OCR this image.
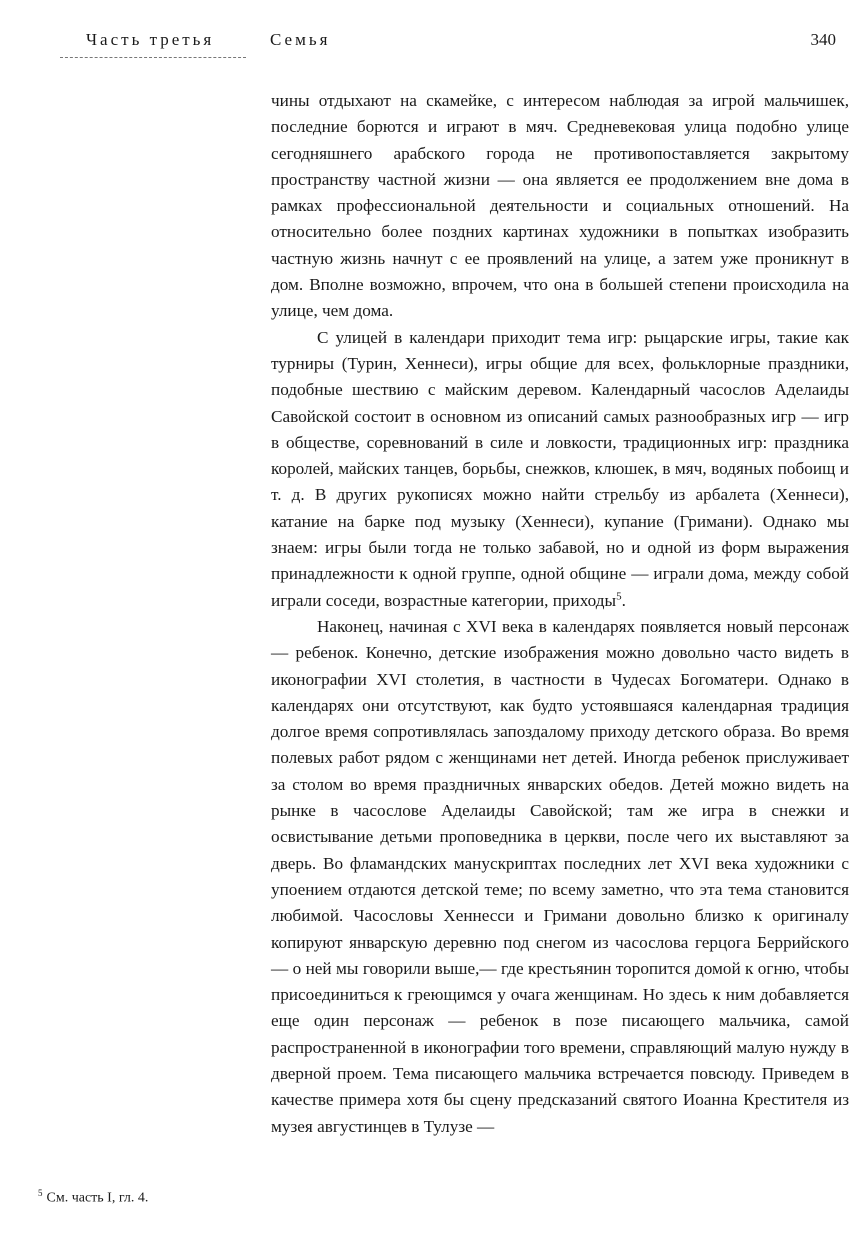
Часть третья	Семья	340

чины отдыхают на скамейке, с интересом наблюдая за игрой мальчишек, последние борются и играют в мяч. Средневековая улица подобно улице сегодняшнего арабского города не противопоставляется закрытому пространству частной жизни — она является ее продолжением вне дома в рамках профессиональной деятельности и социальных отношений. На относительно более поздних картинах художники в попытках изобразить частную жизнь начнут с ее проявлений на улице, а затем уже проникнут в дом. Вполне возможно, впрочем, что она в большей степени происходила на улице, чем дома.

С улицей в календари приходит тема игр: рыцарские игры, такие как турниры (Турин, Хеннеси), игры общие для всех, фольклорные праздники, подобные шествию с майским деревом. Календарный часослов Аделаиды Савойской состоит в основном из описаний самых разнообразных игр — игр в обществе, соревнований в силе и ловкости, традиционных игр: праздника королей, майских танцев, борьбы, снежков, клюшек, в мяч, водяных побоищ и т. д. В других рукописях можно найти стрельбу из арбалета (Хеннеси), катание на барке под музыку (Хеннеси), купание (Гримани). Однако мы знаем: игры были тогда не только забавой, но и одной из форм выражения принадлежности к одной группе, одной общине — играли дома, между собой играли соседи, возрастные категории, приходы$^5$.

Наконец, начиная с XVI века в календарях появляется новый персонаж — ребенок. Конечно, детские изображения можно довольно часто видеть в иконографии XVI столетия, в частности в Чудесах Богоматери. Однако в календарях они отсутствуют, как будто устоявшаяся календарная традиция долгое время сопротивлялась запоздалому приходу детского образа. Во время полевых работ рядом с женщинами нет детей. Иногда ребенок прислуживает за столом во время праздничных январских обедов. Детей можно видеть на рынке в часослове Аделаиды Савойской; там же игра в снежки и освистывание детьми проповедника в церкви, после чего их выставляют за дверь. Во фламандских манускриптах последних лет XVI века художники с упоением отдаются детской теме; по всему заметно, что эта тема становится любимой. Часословы Хеннесси и Гримани довольно близко к оригиналу копируют январскую деревню под снегом из часослова герцога Беррийского — о ней мы говорили выше,— где крестьянин торопится домой к огню, чтобы присоединиться к греющимся у очага женщинам. Но здесь к ним добавляется еще один персонаж — ребенок в позе писающего мальчика, самой распространенной в иконографии того времени, справляющий малую нужду в дверной проем. Тема писающего мальчика встречается повсюду. Приведем в качестве примера хотя бы сцену предсказаний святого Иоанна Крестителя из музея августинцев в Тулузе —

$^5$ См. часть I, гл. 4.
